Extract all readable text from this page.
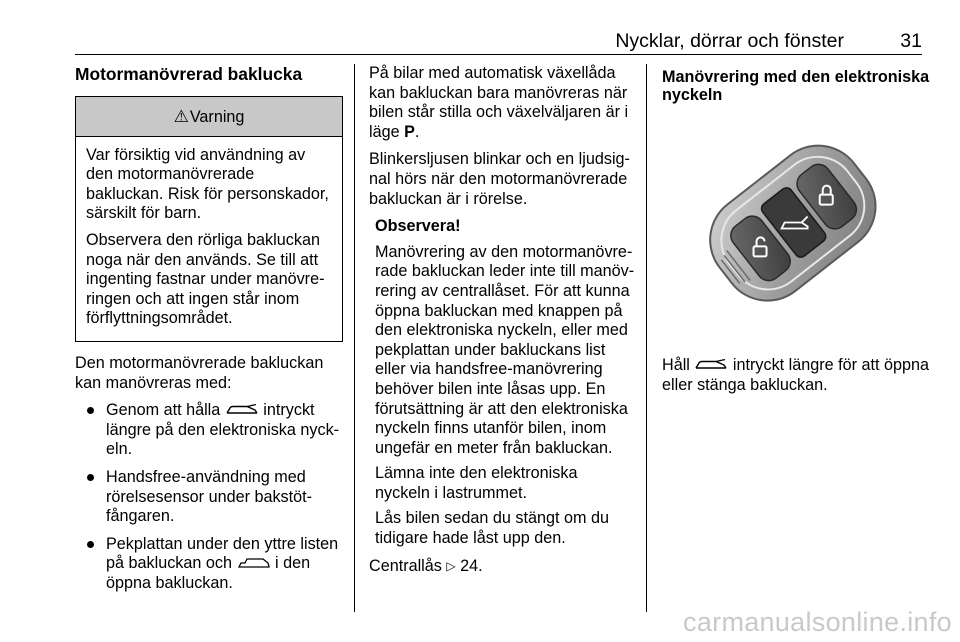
Nycklar, dörrar och fönster	31
Motormanövrerad baklucka
⚠Varning

Var försiktig vid användning av den motormanövrerade bakluckan. Risk för personskador, särskilt för barn.

Observera den rörliga bakluckan noga när den används. Se till att ingenting fastnar under manövreringen och att ingen står inom förflyttningsområdet.

Den motormanövrerade bakluckan kan manövreras med:

Genom att hålla	intryckt längre på den elektroniska nyckeln.
Handsfree-användning med rörelsesensor under bakstötfångaren.
Pekplattan under den yttre listen på bakluckan och	i den öppna bakluckan.

På bilar med automatisk växellåda kan bakluckan bara manövreras när bilen står stilla och växelväljaren är i läge P.

Blinkersljusen blinkar och en ljudsignal hörs när den motormanövrerade bakluckan är i rörelse.

Observera!

Manövrering av den motormanövrerade bakluckan leder inte till manövrering av centrallåset. För att kunna öppna bakluckan med knappen på den elektroniska nyckeln, eller med pekplattan under bakluckans list eller via handsfree-manövrering behöver bilen inte låsas upp. En förutsättning är att den elektroniska nyckeln finns utanför bilen, inom ungefär en meter från bakluckan.

Lämna inte den elektroniska nyckeln i lastrummet.

Lås bilen sedan du stängt om du tidigare hade låst upp den.

Centrallås ▷ 24.

Manövrering med den elektroniska nyckeln

Håll	intryckt längre för att öppna eller stänga bakluckan.

carmanualsonline.info
